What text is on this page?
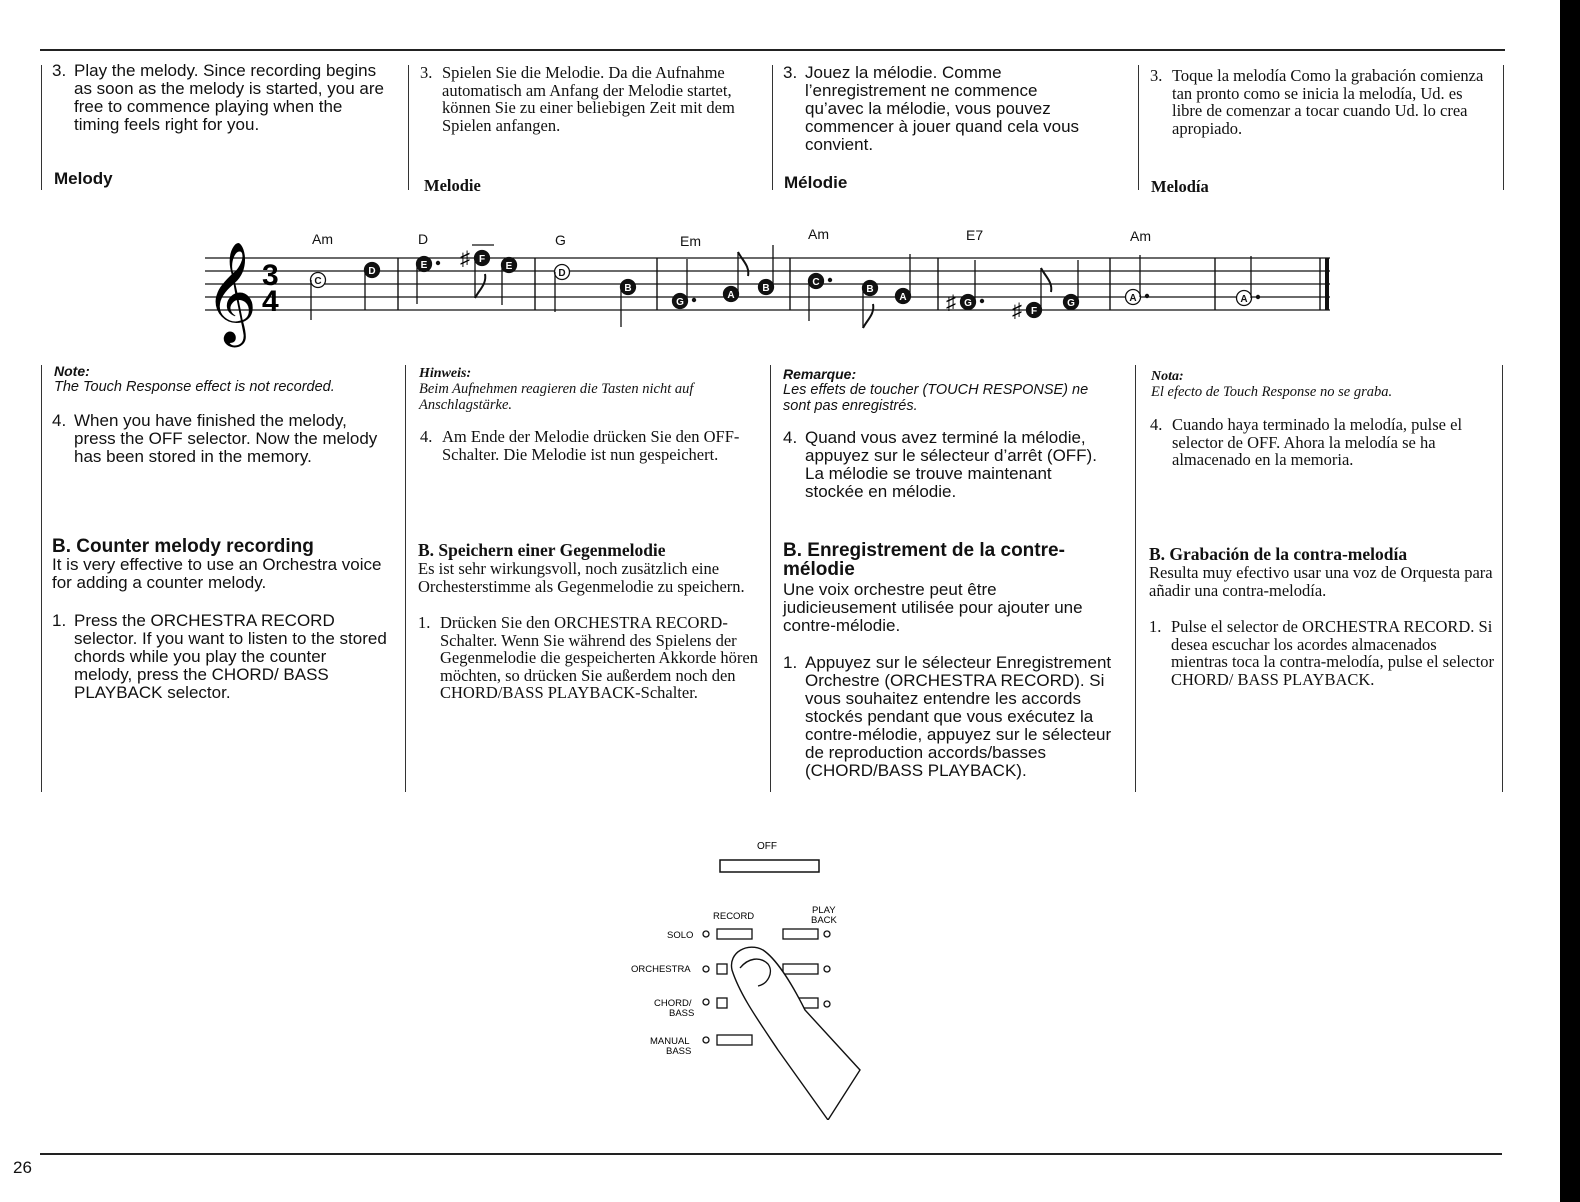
3. Play the melody. Since recording begins as soon as the melody is started, you are free to commence playing when the timing feels right for you.
Melody
3. Spielen Sie die Melodie. Da die Aufnahme automatisch am Anfang der Melodie startet, können Sie zu einer beliebigen Zeit mit dem Spielen anfangen.
Melodie
3. Jouez la mélodie. Comme l’enregistrement ne commence qu’avec la mélodie, vous pouvez commencer à jouer quand cela vous convient.
Mélodie
3. Toque la melodía Como la grabación comienza tan pronto como se inicia la melodía, Ud. es libre de comenzar a tocar cuando Ud. lo crea apropiado.
Melodía
𝄞 3
4
Am	D	G	Em	Am	E7	Am
C
D
E
F
♯	E
D
B
G
A
B
C
B
A
G
♯	F
♯	G	A	A
Note:
The Touch Response effect is not recorded.
4. When you have finished the melody, press the OFF selector. Now the melody has been stored in the memory.
Hinweis:
Beim Aufnehmen reagieren die Tasten nicht auf Anschlagstärke.
4. Am Ende der Melodie drücken Sie den OFF-Schalter. Die Melodie ist nun gespeichert.
Remarque:
Les effets de toucher (TOUCH RESPONSE) ne sont pas enregistrés.
4. Quand vous avez terminé la mélodie, appuyez sur le sélecteur d’arrêt (OFF). La mélodie se trouve maintenant stockée en mélodie.
Nota:
El efecto de Touch Response no se graba.
4. Cuando haya terminado la melodía, pulse el selector de OFF. Ahora la melodía se ha almacenado en la memoria.
B. Counter melody recording
It is very effective to use an Orchestra voice for adding a counter melody.
1. Press the ORCHESTRA RECORD selector. If you want to listen to the stored chords while you play the counter melody, press the CHORD/ BASS PLAYBACK selector.
B. Speichern einer Gegenmelodie
Es ist sehr wirkungsvoll, noch zusätzlich eine Orchesterstimme als Gegenmelodie zu speichern.
1. Drücken Sie den ORCHESTRA RECORD-Schalter. Wenn Sie während des Spielens der Gegenmelodie die gespeicherten Akkorde hören möchten, so drücken Sie außerdem noch den CHORD/BASS PLAYBACK-Schalter.
B. Enregistrement de la contre-mélodie
Une voix orchestre peut être judicieusement utilisée pour ajouter une contre-mélodie.
1. Appuyez sur le sélecteur Enregistrement Orchestre (ORCHESTRA RECORD). Si vous souhaitez entendre les accords stockés pendant que vous exécutez la contre-mélodie, appuyez sur le sélecteur de reproduction accords/basses (CHORD/BASS PLAYBACK).
B. Grabación de la contra-melodía
Resulta muy efectivo usar una voz de Orquesta para añadir una contra-melodía.
1. Pulse el selector de ORCHESTRA RECORD. Si desea escuchar los acordes almacenados mientras toca la contra-melodía, pulse el selector CHORD/ BASS PLAYBACK.
OFF
RECORD
PLAY
BACK
SOLO
ORCHESTRA
CHORD/
BASS
MANUAL
BASS
26
